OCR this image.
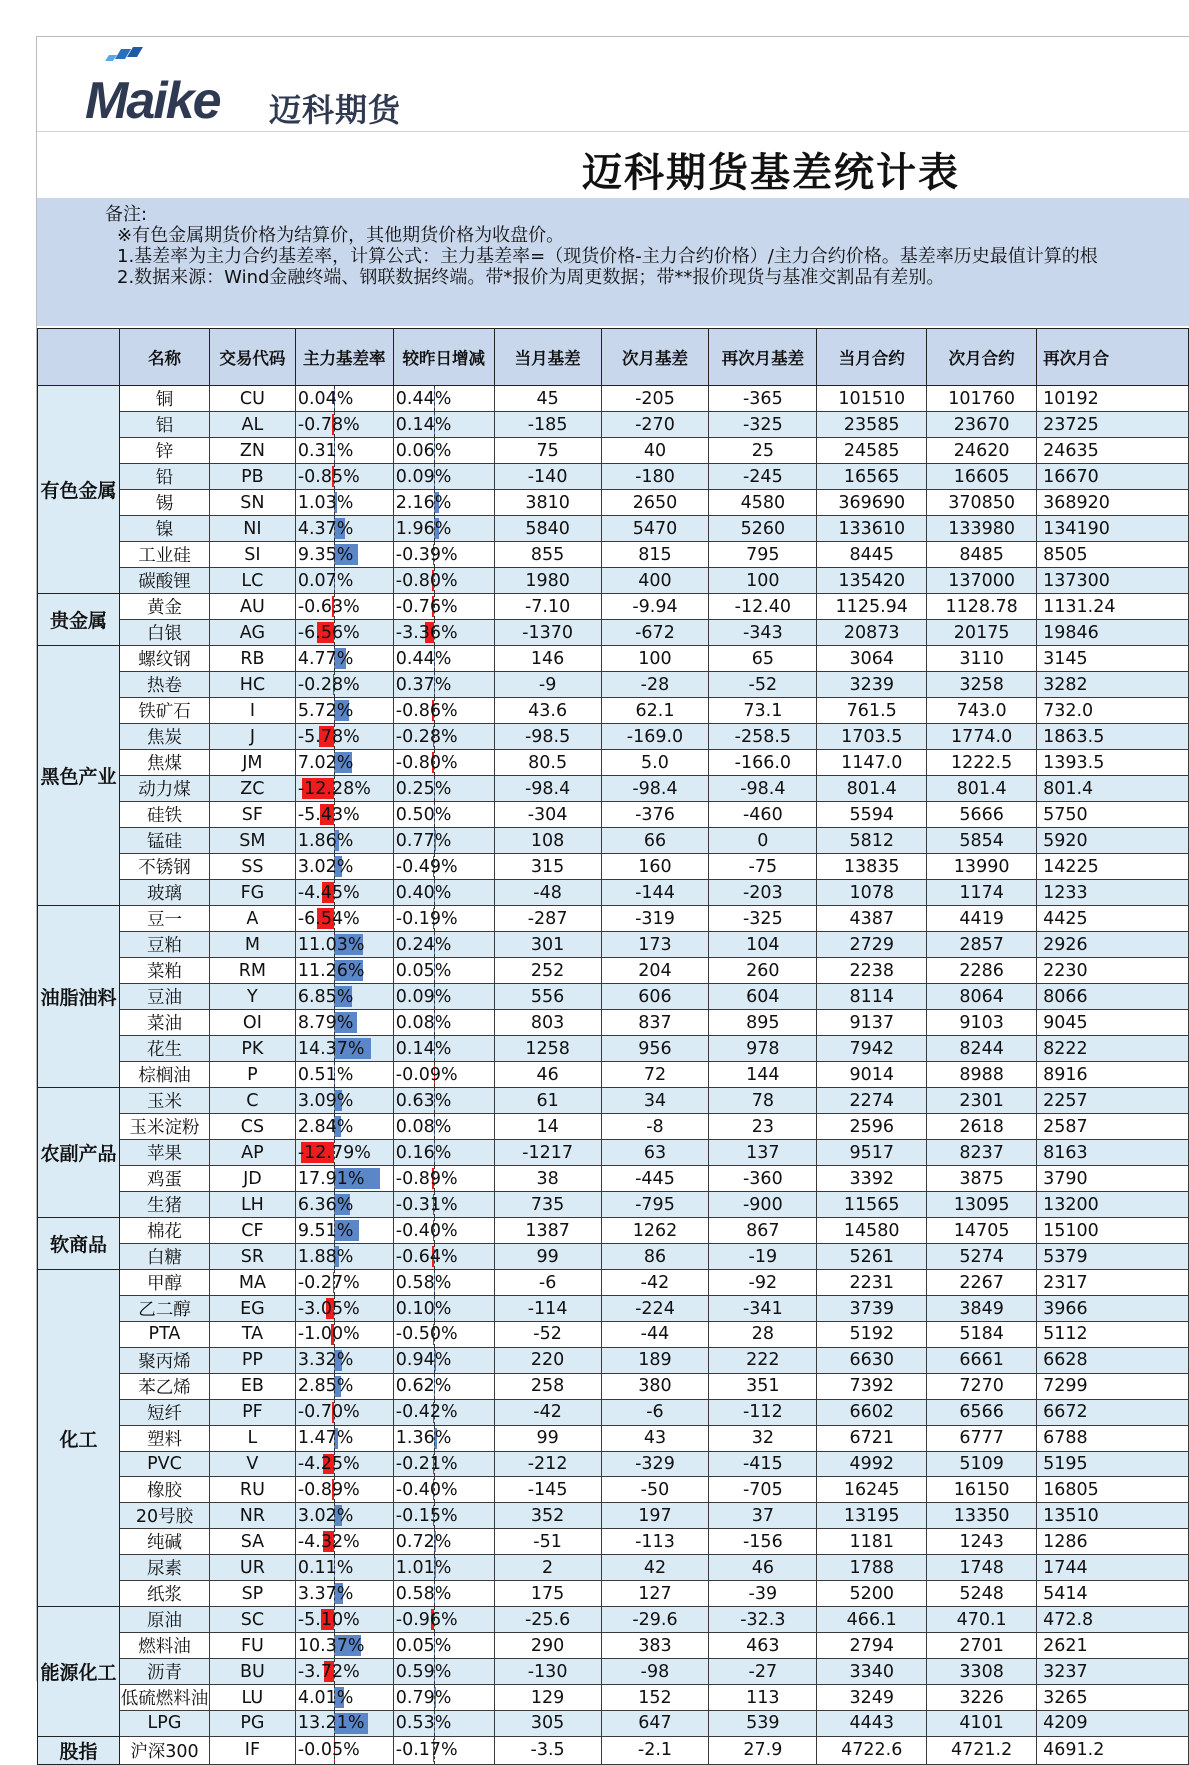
Maike 迈科期货
迈科期货基差统计表
备注:
※有色金属期货价格为结算价，其他期货价格为收盘价。
1.基差率为主力合约基差率，计算公式：主力基差率=（现货价格-主力合约价格）/主力合约价格。基差率历史最值计算的根
2.数据来源：Wind金融终端、钢联数据终端。带*报价为周更数据；带**报价现货与基准交割品有差别。
	名称	交易代码	主力基差率	较昨日增减	当月基差	次月基差	再次月基差	当月合约	次月合约	再次月合
有色金属	铜	CU	0.04%	0.44%	45	-205	-365	101510	101760	10192
	铝	AL	-0.78%	0.14%	-185	-270	-325	23585	23670	23725
	锌	ZN	0.31%	0.06%	75	40	25	24585	24620	24635
	铅	PB	-0.85%	0.09%	-140	-180	-245	16565	16605	16670
	锡	SN	1.03%	2.16%	3810	2650	4580	369690	370850	368920
	镍	NI	4.37%	1.96%	5840	5470	5260	133610	133980	134190
	工业硅	SI	9.35%	-0.39%	855	815	795	8445	8485	8505
	碳酸锂	LC	0.07%	-0.80%	1980	400	100	135420	137000	137300
贵金属	黄金	AU	-0.63%	-0.76%	-7.10	-9.94	-12.40	1125.94	1128.78	1131.24
	白银	AG	-6.56%	-3.36%	-1370	-672	-343	20873	20175	19846
黑色产业	螺纹钢	RB	4.77%	0.44%	146	100	65	3064	3110	3145
	热卷	HC	-0.28%	0.37%	-9	-28	-52	3239	3258	3282
	铁矿石	I	5.72%	-0.86%	43.6	62.1	73.1	761.5	743.0	732.0
	焦炭	J	-5.78%	-0.28%	-98.5	-169.0	-258.5	1703.5	1774.0	1863.5
	焦煤	JM	7.02%	-0.80%	80.5	5.0	-166.0	1147.0	1222.5	1393.5
	动力煤	ZC	-12.28%	0.25%	-98.4	-98.4	-98.4	801.4	801.4	801.4
	硅铁	SF	-5.43%	0.50%	-304	-376	-460	5594	5666	5750
	锰硅	SM	1.86%	0.77%	108	66	0	5812	5854	5920
	不锈钢	SS	3.02%	-0.49%	315	160	-75	13835	13990	14225
	玻璃	FG	-4.45%	0.40%	-48	-144	-203	1078	1174	1233
油脂油料	豆一	A	-6.54%	-0.19%	-287	-319	-325	4387	4419	4425
	豆粕	M	11.03%	0.24%	301	173	104	2729	2857	2926
	菜粕	RM	11.26%	0.05%	252	204	260	2238	2286	2230
	豆油	Y	6.85%	0.09%	556	606	604	8114	8064	8066
	菜油	OI	8.79%	0.08%	803	837	895	9137	9103	9045
	花生	PK	14.37%	0.14%	1258	956	978	7942	8244	8222
	棕榈油	P	0.51%	-0.09%	46	72	144	9014	8988	8916
农副产品	玉米	C	3.09%	0.63%	61	34	78	2274	2301	2257
	玉米淀粉	CS	2.84%	0.08%	14	-8	23	2596	2618	2587
	苹果	AP	-12.79%	0.16%	-1217	63	137	9517	8237	8163
	鸡蛋	JD	17.91%	-0.89%	38	-445	-360	3392	3875	3790
	生猪	LH	6.36%	-0.31%	735	-795	-900	11565	13095	13200
软商品	棉花	CF	9.51%	-0.40%	1387	1262	867	14580	14705	15100
	白糖	SR	1.88%	-0.64%	99	86	-19	5261	5274	5379
化工	甲醇	MA	-0.27%	0.58%	-6	-42	-92	2231	2267	2317
	乙二醇	EG	-3.05%	0.10%	-114	-224	-341	3739	3849	3966
	PTA	TA	-1.00%	-0.50%	-52	-44	28	5192	5184	5112
	聚丙烯	PP	3.32%	0.94%	220	189	222	6630	6661	6628
	苯乙烯	EB	2.85%	0.62%	258	380	351	7392	7270	7299
	短纤	PF	-0.70%	-0.42%	-42	-6	-112	6602	6566	6672
	塑料	L	1.47%	1.36%	99	43	32	6721	6777	6788
	PVC	V	-4.25%	-0.21%	-212	-329	-415	4992	5109	5195
	橡胶	RU	-0.89%	-0.40%	-145	-50	-705	16245	16150	16805
	20号胶	NR	3.02%	-0.15%	352	197	37	13195	13350	13510
	纯碱	SA	-4.32%	0.72%	-51	-113	-156	1181	1243	1286
	尿素	UR	0.11%	1.01%	2	42	46	1788	1748	1744
	纸浆	SP	3.37%	0.58%	175	127	-39	5200	5248	5414
能源化工	原油	SC	-5.10%	-0.96%	-25.6	-29.6	-32.3	466.1	470.1	472.8
	燃料油	FU	10.37%	0.05%	290	383	463	2794	2701	2621
	沥青	BU	-3.72%	0.59%	-130	-98	-27	3340	3308	3237
	低硫燃料油	LU	4.01%	0.79%	129	152	113	3249	3226	3265
	LPG	PG	13.21%	0.53%	305	647	539	4443	4101	4209
股指	沪深300	IF	-0.05%	-0.17%	-3.5	-2.1	27.9	4722.6	4721.2	4691.2
